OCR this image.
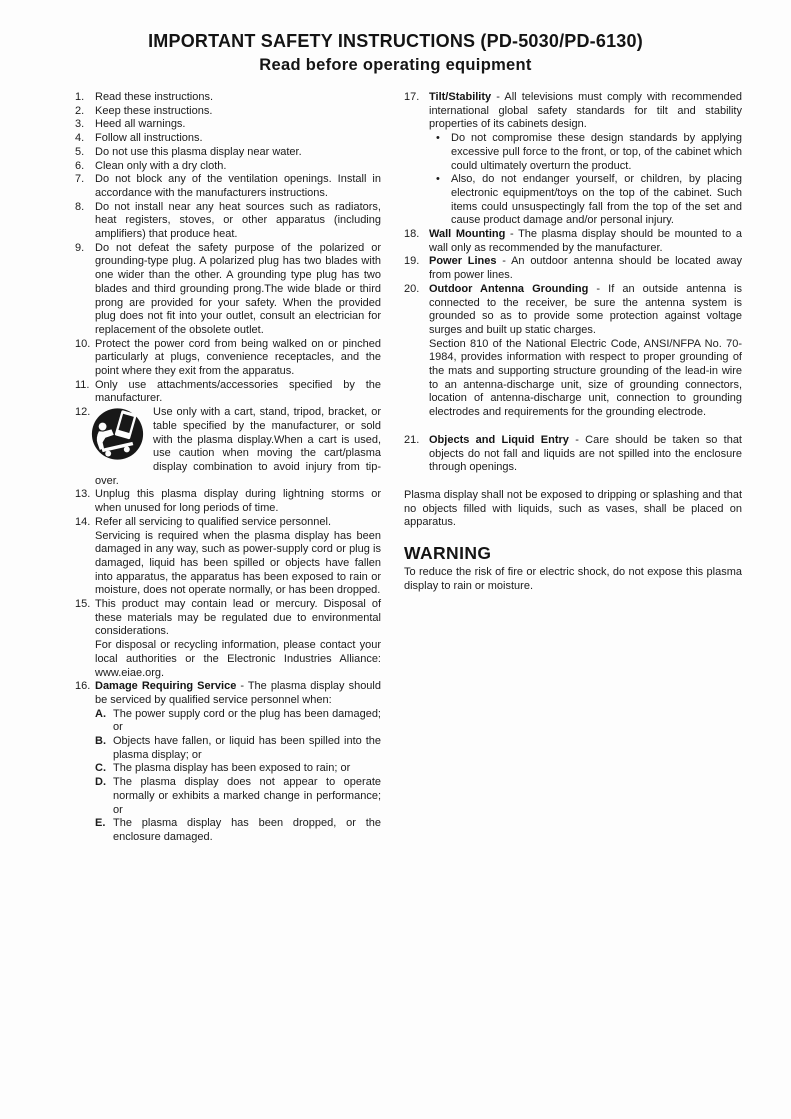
IMPORTANT SAFETY INSTRUCTIONS (PD-5030/PD-6130)
Read before operating equipment
1. Read these instructions.

2. Keep these instructions.

3. Heed all warnings.

4. Follow all instructions.

5. Do not use this plasma display near water.

6. Clean only with a dry cloth.

7. Do not block any of the ventilation openings. Install in accordance with the manufacturers instructions.

8. Do not install near any heat sources such as radiators, heat registers, stoves, or other apparatus (including amplifiers) that produce heat.

9. Do not defeat the safety purpose of the polarized or grounding-type plug. A polarized plug has two blades with one wider than the other. A grounding type plug has two blades and third grounding prong.The wide blade or third prong are provided for your safety. When the provided plug does not fit into your outlet, consult an electrician for replacement of the obsolete outlet.

10. Protect the power cord from being walked on or pinched particularly at plugs, convenience receptacles, and the point where they exit from the apparatus.

11. Only use attachments/accessories specified by the manufacturer.

12.	Use only with a cart, stand, tripod, bracket, or table specified by the manufacturer, or sold with the plasma display.When a cart is used, use caution when moving the cart/plasma display combination to avoid injury from tip-over.

13. Unplug this plasma display during lightning storms or when unused for long periods of time.

14. Refer all servicing to qualified service personnel.

Servicing is required when the plasma display has been damaged in any way, such as power-supply cord or plug is damaged, liquid has been spilled or objects have fallen into apparatus, the apparatus has been exposed to rain or moisture, does not operate normally, or has been dropped.

15. This product may contain lead or mercury. Disposal of these materials may be regulated due to environmental considerations.

For disposal or recycling information, please contact your local authorities or the Electronic Industries Alliance: www.eiae.org.

16. Damage Requiring Service - The plasma display should be serviced by qualified service personnel when:

A. The power supply cord or the plug has been damaged; or
B. Objects have fallen, or liquid has been spilled into the plasma display; or
C. The plasma display has been exposed to rain; or
D. The plasma display does not appear to operate normally or exhibits a marked change in performance; or
E. The plasma display has been dropped, or the enclosure damaged.
17. Tilt/Stability - All televisions must comply with recommended international global safety standards for tilt and stability properties of its cabinets design.

•	Do not compromise these design standards by applying excessive pull force to the front, or top, of the cabinet which could ultimately overturn the product.
•	Also, do not endanger yourself, or children, by placing electronic equipment/toys on the top of the cabinet. Such items could unsuspectingly fall from the top of the set and cause product damage and/or personal injury.
18. Wall Mounting - The plasma display should be mounted to a wall only as recommended by the manufacturer.

19. Power Lines - An outdoor antenna should be located away from power lines.

20. Outdoor Antenna Grounding - If an outside antenna is connected to the receiver, be sure the antenna system is grounded so as to provide some protection against voltage surges and built up static charges.

Section 810 of the National Electric Code, ANSI/NFPA No. 70- 1984, provides information with respect to proper grounding of the mats and supporting structure grounding of the lead-in wire to an antenna-discharge unit, size of grounding connectors, location of antenna-discharge unit, connection to grounding electrodes and requirements for the grounding electrode.

21. Objects and Liquid Entry - Care should be taken so that objects do not fall and liquids are not spilled into the enclosure through openings.

Plasma display shall not be exposed to dripping or splashing and that no objects filled with liquids, such as vases, shall be placed on apparatus.

WARNING

To reduce the risk of fire or electric shock, do not expose this plasma display to rain or moisture.
